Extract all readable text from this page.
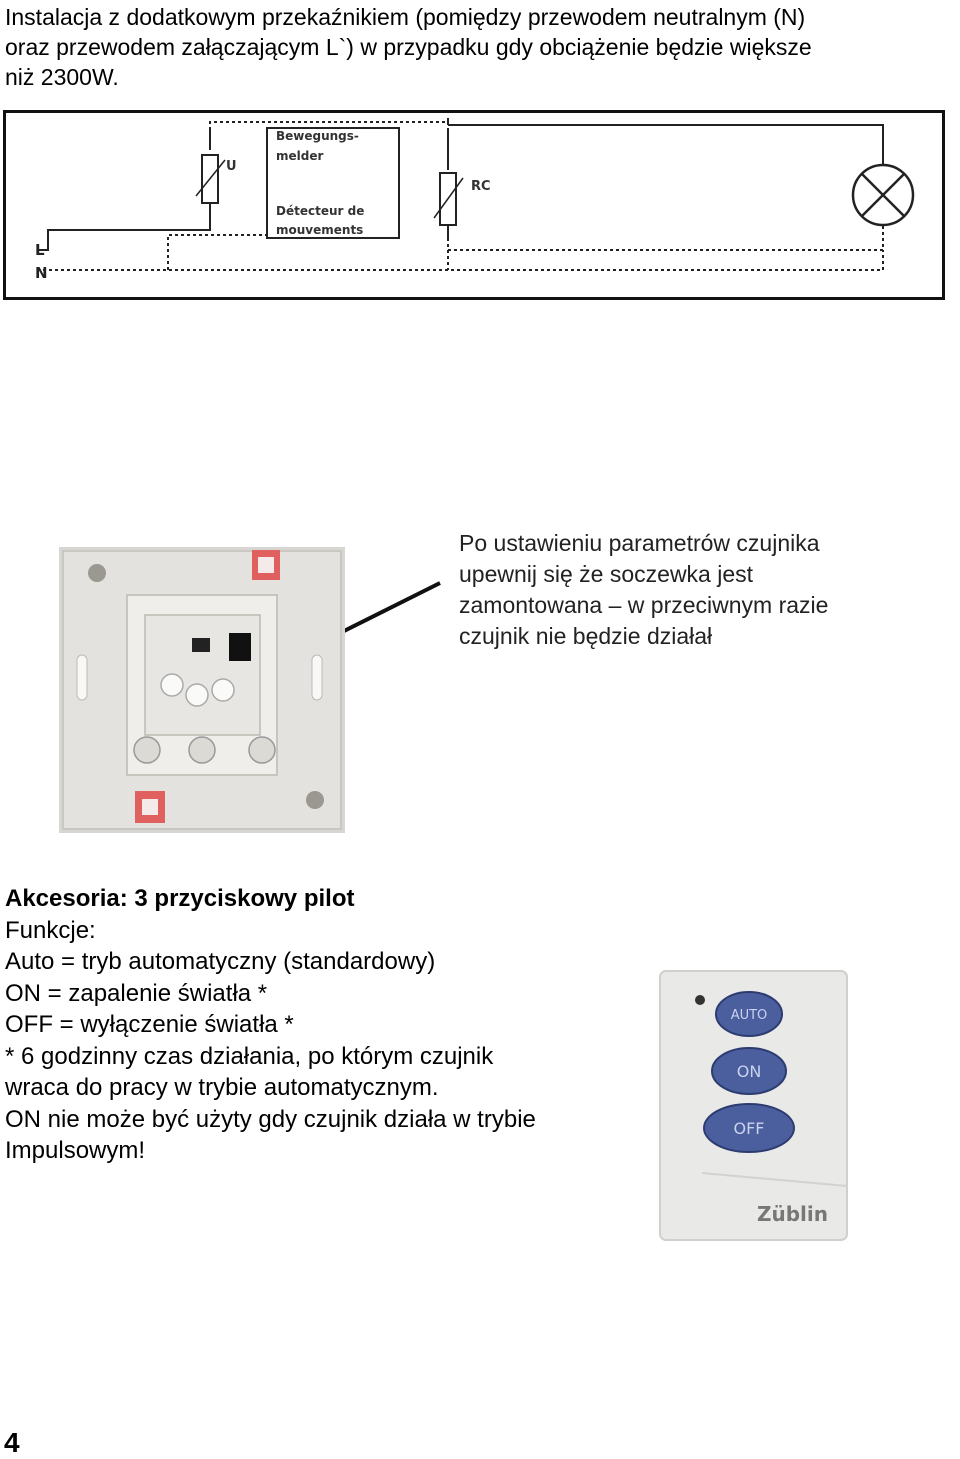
Instalacja z dodatkowym przekaźnikiem (pomiędzy przewodem neutralnym (N)
oraz przewodem załączającym L`) w przypadku gdy obciążenie będzie większe
niż 2300W.
Bewegungs-
melder
Détecteur de
mouvements
U
RC
L
N
Po ustawieniu parametrów czujnika
upewnij się że soczewka jest
zamontowana – w przeciwnym razie
czujnik nie będzie działał
Akcesoria: 3 przyciskowy pilot
Funkcje:
Auto = tryb automatyczny (standardowy)
ON = zapalenie światła *
OFF = wyłączenie światła *
* 6 godzinny czas działania, po którym czujnik
wraca do pracy w trybie automatycznym.
ON nie może być użyty gdy czujnik działa w trybie
Impulsowym!
AUTO
ON
OFF
Züblin
4
